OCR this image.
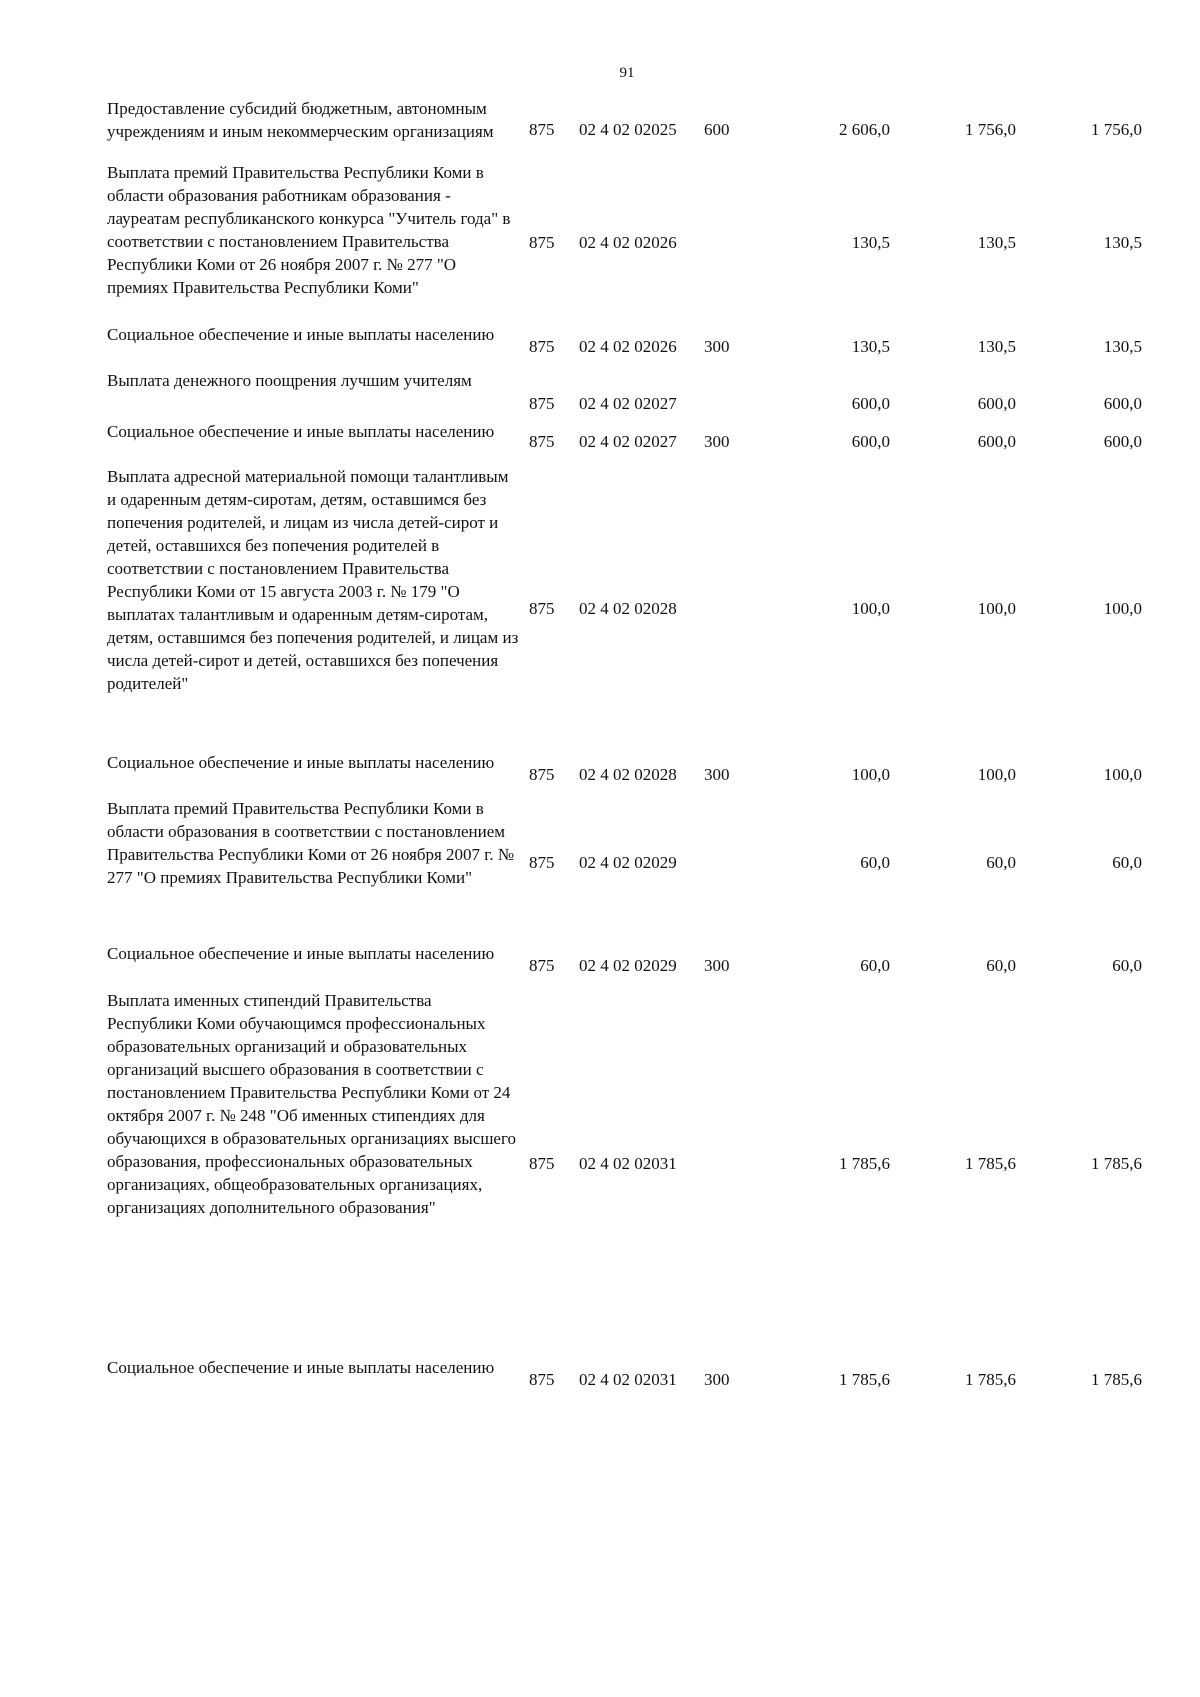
91
Предоставление субсидий бюджетным, автономным учреждениям и иным некоммерческим организациям	875	02 4 02 02025	600	2 606,0	1 756,0	1 756,0
Выплата премий Правительства Республики Коми в области образования работникам образования - лауреатам республиканского конкурса "Учитель года" в соответствии с постановлением Правительства Республики Коми от 26 ноября 2007 г. № 277 "О премиях Правительства Республики Коми"	875	02 4 02 02026		130,5	130,5	130,5
Социальное обеспечение и иные выплаты населению	875	02 4 02 02026	300	130,5	130,5	130,5
Выплата денежного поощрения лучшим учителям	875	02 4 02 02027		600,0	600,0	600,0
Социальное обеспечение и иные выплаты населению	875	02 4 02 02027	300	600,0	600,0	600,0
Выплата адресной материальной помощи талантливым и одаренным детям-сиротам, детям, оставшимся без попечения родителей, и лицам из числа детей-сирот и детей, оставшихся без попечения родителей в соответствии с постановлением Правительства Республики Коми от 15 августа 2003 г. № 179 "О выплатах талантливым и одаренным детям-сиротам, детям, оставшимся без попечения родителей, и лицам из числа детей-сирот и детей, оставшихся без попечения родителей"	875	02 4 02 02028		100,0	100,0	100,0
Социальное обеспечение и иные выплаты населению	875	02 4 02 02028	300	100,0	100,0	100,0
Выплата премий Правительства Республики Коми в области образования в соответствии с постановлением Правительства Республики Коми от 26 ноября 2007 г. № 277 "О премиях Правительства Республики Коми"	875	02 4 02 02029		60,0	60,0	60,0
Социальное обеспечение и иные выплаты населению	875	02 4 02 02029	300	60,0	60,0	60,0
Выплата именных стипендий Правительства Республики Коми обучающимся профессиональных образовательных организаций и образовательных организаций высшего образования в соответствии с постановлением Правительства Республики Коми от 24 октября 2007 г. № 248 "Об именных стипендиях для обучающихся в образовательных организациях высшего образования, профессиональных образовательных организациях, общеобразовательных организациях, организациях дополнительного образования"	875	02 4 02 02031		1 785,6	1 785,6	1 785,6
Социальное обеспечение и иные выплаты населению	875	02 4 02 02031	300	1 785,6	1 785,6	1 785,6
